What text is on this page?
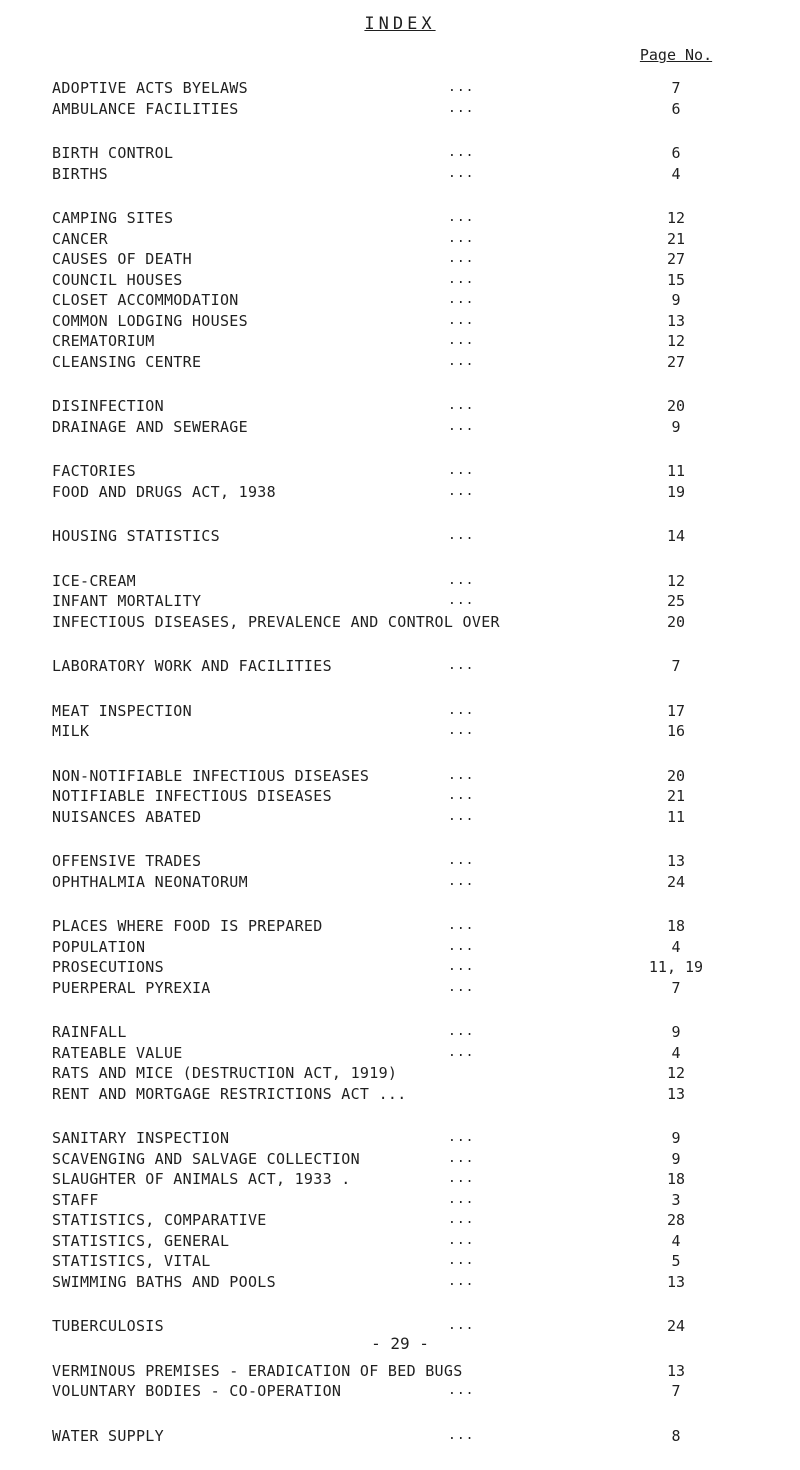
INDEX
Page No.
ADOPTIVE ACTS BYELAWS	...	7
AMBULANCE FACILITIES	...	6
BIRTH CONTROL	...	6
BIRTHS	...	4
CAMPING SITES	...	12
CANCER	...	21
CAUSES OF DEATH	...	27
COUNCIL HOUSES	...	15
CLOSET ACCOMMODATION	...	9
COMMON LODGING HOUSES	...	13
CREMATORIUM	...	12
CLEANSING CENTRE	...	27
DISINFECTION	...	20
DRAINAGE AND SEWERAGE	...	9
FACTORIES	...	11
FOOD AND DRUGS ACT, 1938	...	19
HOUSING STATISTICS	...	14
ICE-CREAM	...	12
INFANT MORTALITY	...	25
INFECTIOUS DISEASES, PREVALENCE AND CONTROL OVER	20
LABORATORY WORK AND FACILITIES	...	7
MEAT INSPECTION	...	17
MILK	...	16
NON-NOTIFIABLE INFECTIOUS DISEASES	...	20
NOTIFIABLE INFECTIOUS DISEASES	...	21
NUISANCES ABATED	...	11
OFFENSIVE TRADES	...	13
OPHTHALMIA NEONATORUM	...	24
PLACES WHERE FOOD IS PREPARED	...	18
POPULATION	...	4
PROSECUTIONS	...	11, 19
PUERPERAL PYREXIA	...	7
RAINFALL	...	9
RATEABLE VALUE	...	4
RATS AND MICE (DESTRUCTION ACT, 1919)	12
RENT AND MORTGAGE RESTRICTIONS ACT ...	13
SANITARY INSPECTION	...	9
SCAVENGING AND SALVAGE COLLECTION	...	9
SLAUGHTER OF ANIMALS ACT, 1933 .	...	18
STAFF	...	3
STATISTICS, COMPARATIVE	...	28
STATISTICS, GENERAL	...	4
STATISTICS, VITAL	...	5
SWIMMING BATHS AND POOLS	...	13
TUBERCULOSIS	...	24
VERMINOUS PREMISES - ERADICATION OF BED BUGS	13
VOLUNTARY BODIES - CO-OPERATION	...	7
WATER SUPPLY	...	8
- 29 -
